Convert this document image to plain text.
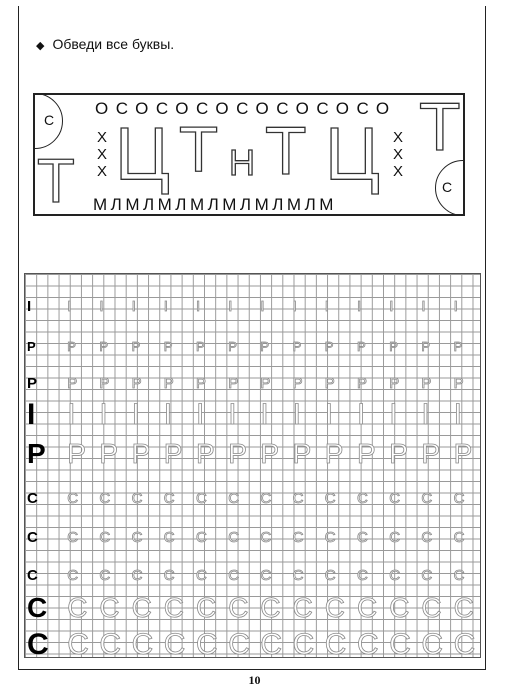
◆ Обведи все буквы.
С
С
ОСОСОСОСОСОСОСО
МЛМЛМЛМЛМЛМЛМЛМ
Х
Х
Х
Х
Х
Х
Т Ц Т Н Т Ц Т
I I I I I I I I I I I I I I
Р Р Р Р Р Р Р Р Р Р Р Р Р Р
Р Р Р Р Р Р Р Р Р Р Р Р Р Р
I I I I I I I I I I I I I I
Р Р Р Р Р Р Р Р Р Р Р Р Р Р
С С С С С С С С С С С С С С
С С С С С С С С С С С С С С
С С С С С С С С С С С С С С
С С С С С С С С С С С С С С
С С С С С С С С С С С С С С
10
